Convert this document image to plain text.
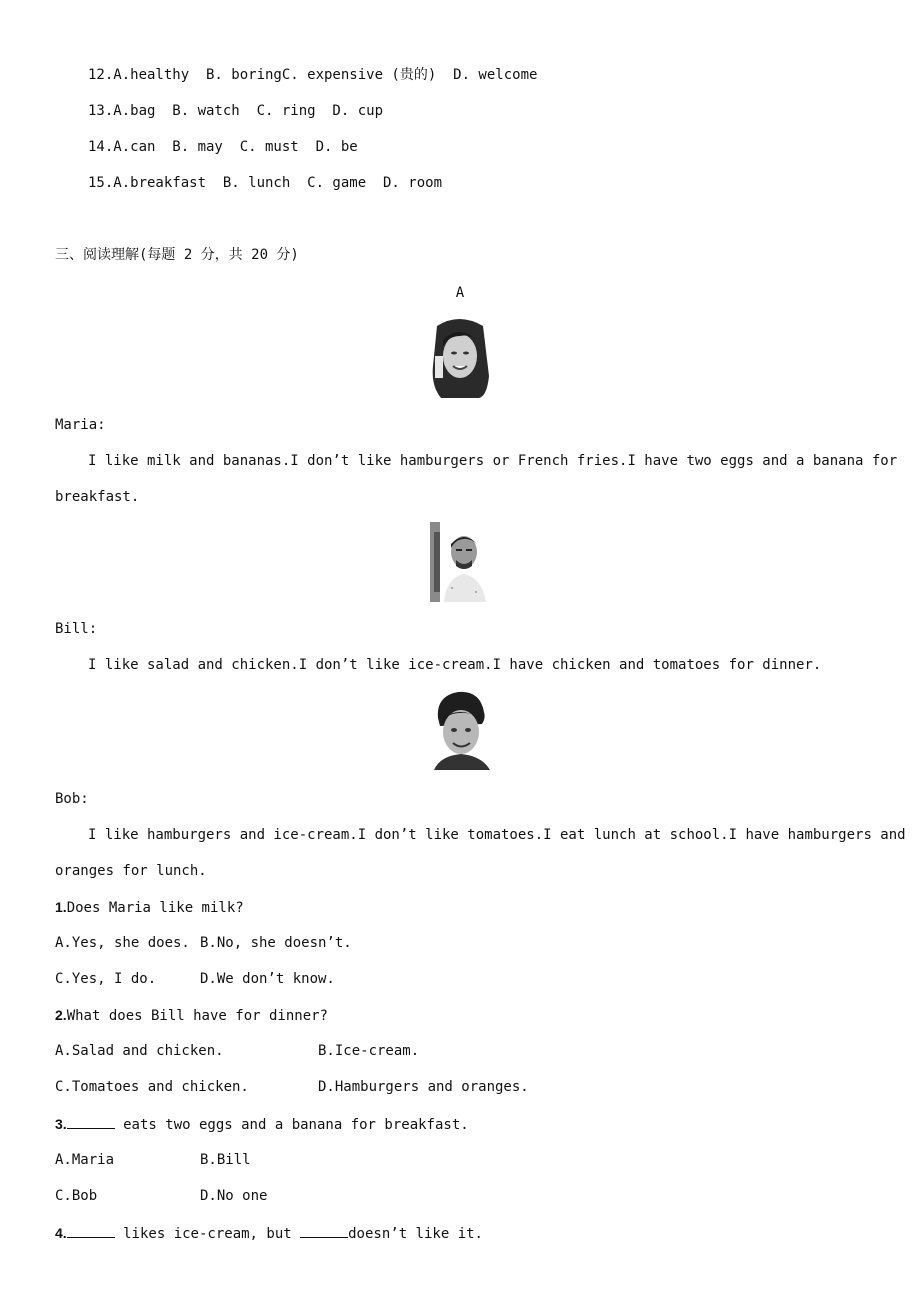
12.A.healthy  B. boringC. expensive (贵的)  D. welcome
13.A.bag  B. watch  C. ring  D. cup
14.A.can  B. may  C. must  D. be
15.A.breakfast  B. lunch  C. game  D. room
三、阅读理解(每题 2 分，共 20 分)
A
Maria:
I like milk and bananas.I don’t like hamburgers or French fries.I have two eggs and a banana for
breakfast.
Bill:
I like salad and chicken.I don’t like ice-cream.I have chicken and tomatoes for dinner.
Bob:
I like hamburgers and ice-cream.I don’t like tomatoes.I eat lunch at school.I have hamburgers and
oranges for lunch.
1.Does Maria like milk?
A.Yes, she does. B.No, she doesn’t.
C.Yes, I do.	D.We don’t know.
2.What does Bill have for dinner?
A.Salad and chicken.	B.Ice-cream.
C.Tomatoes and chicken.	D.Hamburgers and oranges.
3.	eats two eggs and a banana for breakfast.
A.Maria	B.Bill
C.Bob	D.No one
4.	likes ice-cream, but	doesn’t like it.
